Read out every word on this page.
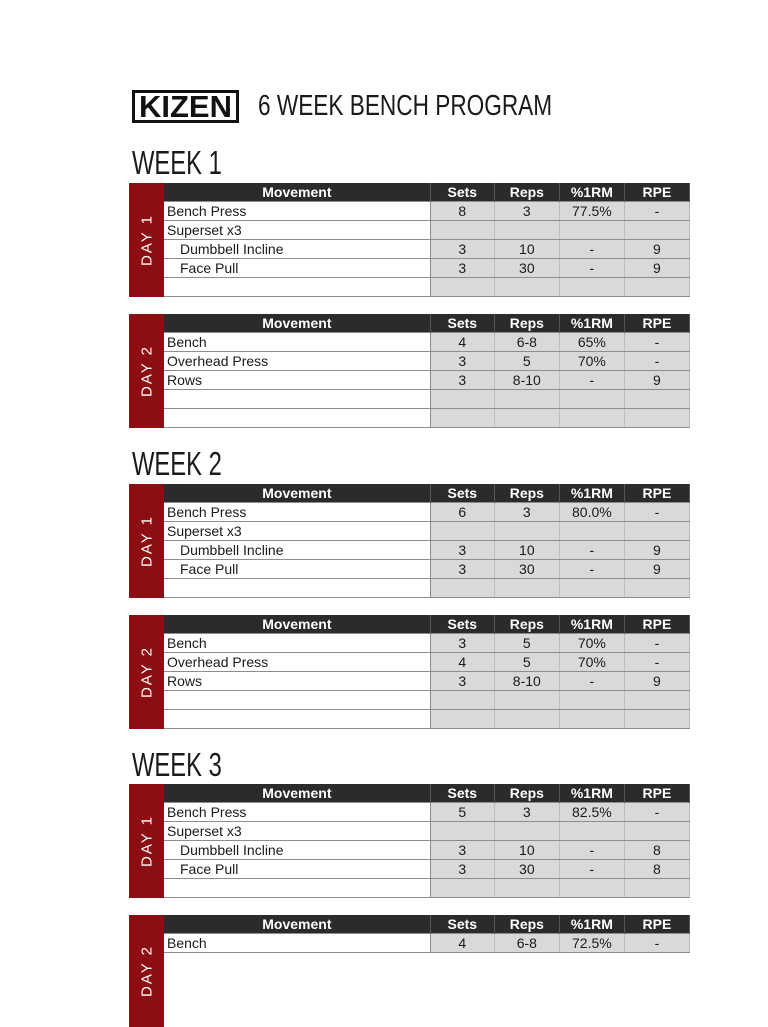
KIZEN 6 WEEK BENCH PROGRAM
WEEK 1
DAY 1
Movement	Sets	Reps	%1RM	RPE
Bench Press	8	3	77.5%	-
Superset x3				
Dumbbell Incline	3	10	-	9
Face Pull	3	30	-	9

DAY 2
Movement	Sets	Reps	%1RM	RPE
Bench	4	6-8	65%	-
Overhead Press	3	5	70%	-
Rows	3	8-10	-	9

WEEK 2
DAY 1
Movement	Sets	Reps	%1RM	RPE
Bench Press	6	3	80.0%	-
Superset x3				
Dumbbell Incline	3	10	-	9
Face Pull	3	30	-	9

DAY 2
Movement	Sets	Reps	%1RM	RPE
Bench	3	5	70%	-
Overhead Press	4	5	70%	-
Rows	3	8-10	-	9

WEEK 3
DAY 1
Movement	Sets	Reps	%1RM	RPE
Bench Press	5	3	82.5%	-
Superset x3				
Dumbbell Incline	3	10	-	8
Face Pull	3	30	-	8

DAY 2
Movement	Sets	Reps	%1RM	RPE
Bench	4	6-8	72.5%	-
